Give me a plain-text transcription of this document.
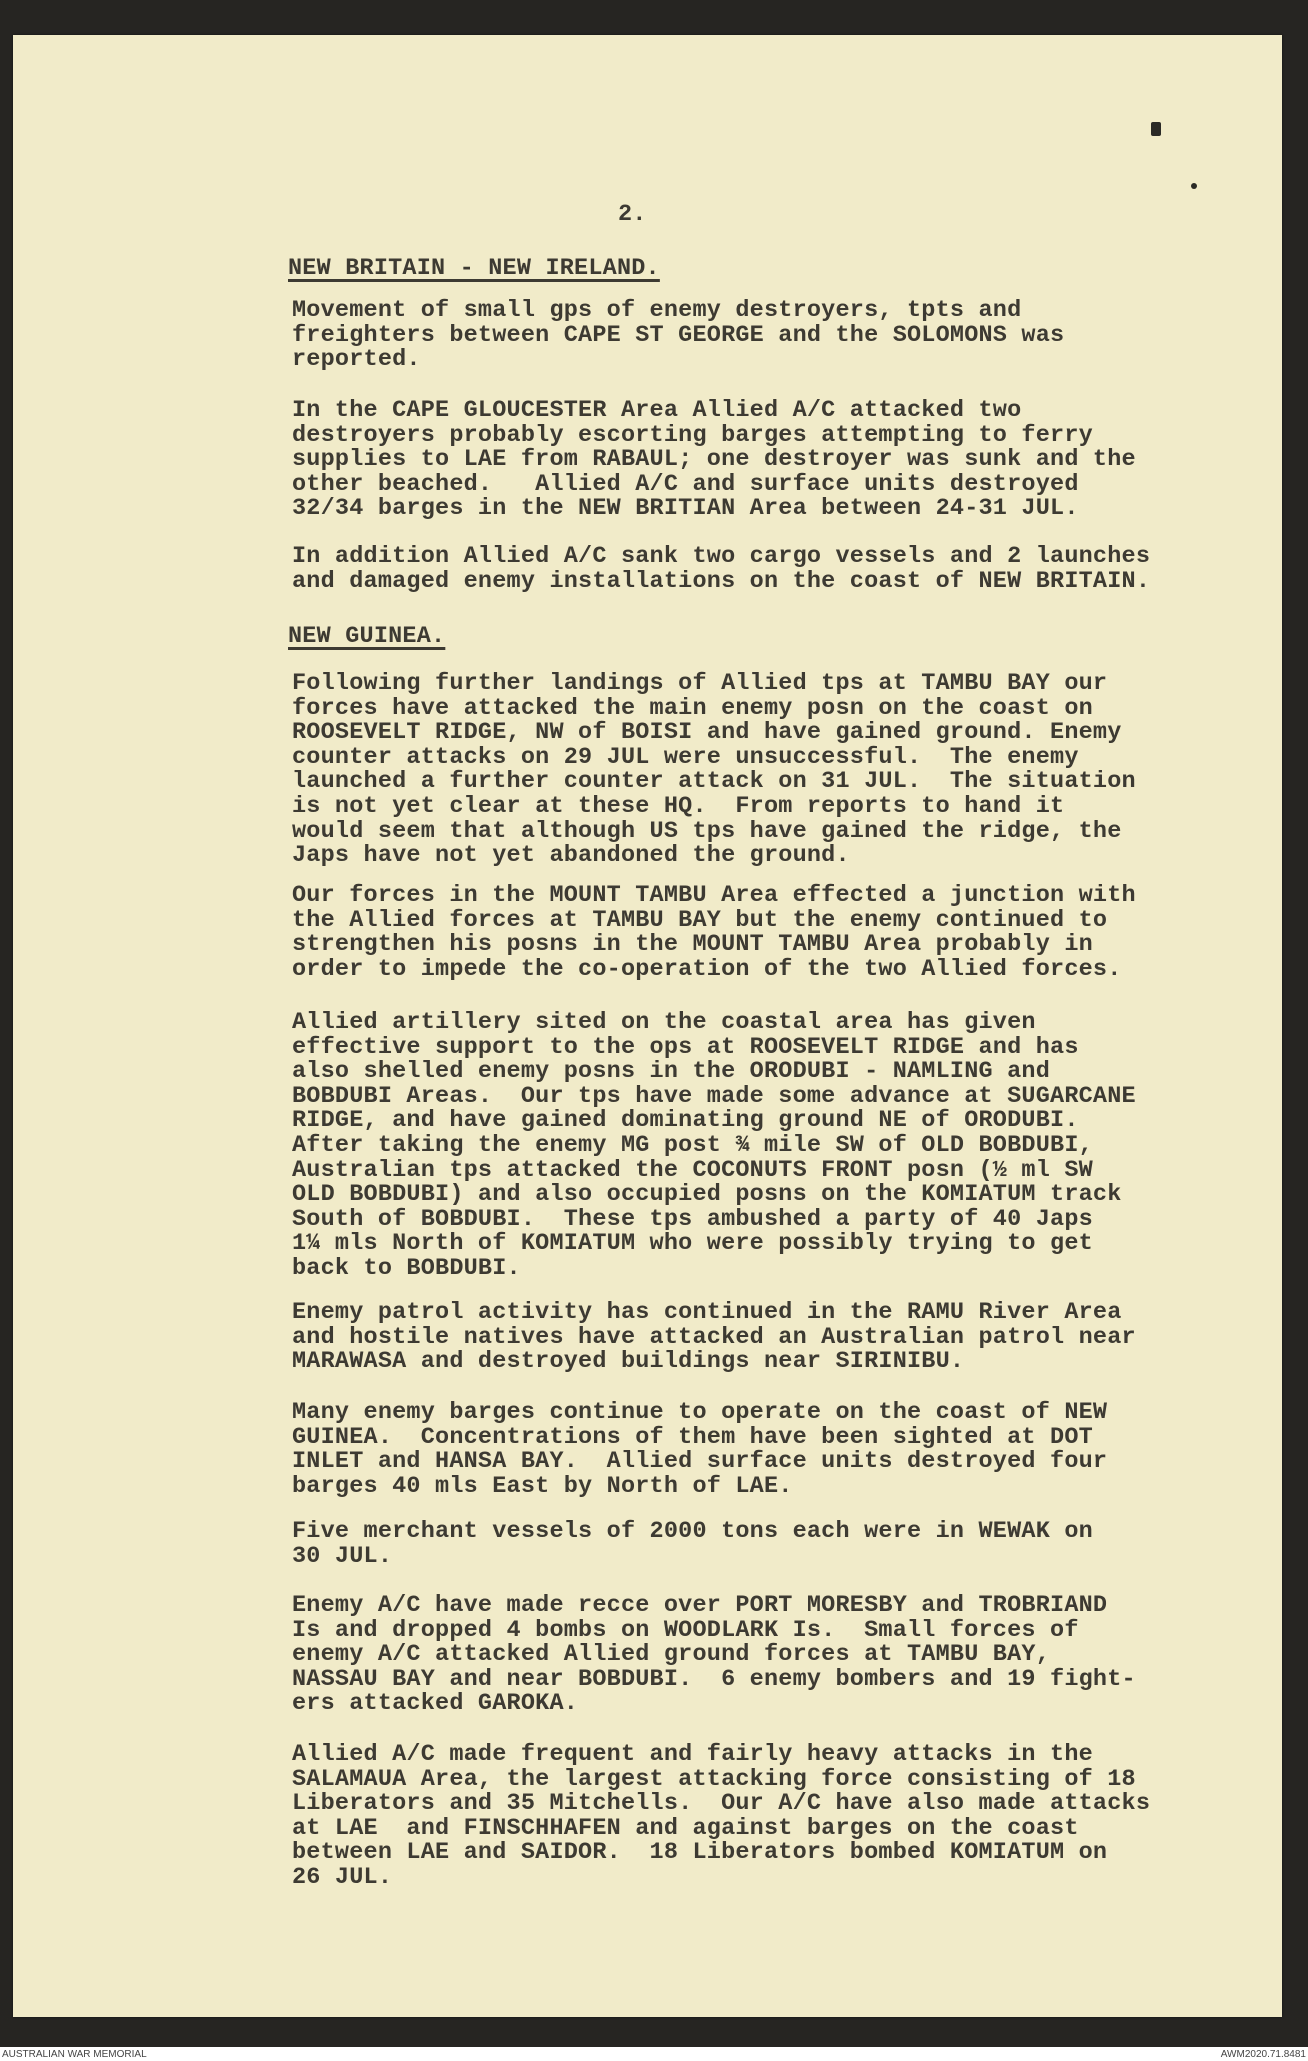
2.
NEW BRITAIN - NEW IRELAND.
Movement of small gps of enemy destroyers, tpts and
freighters between CAPE ST GEORGE and the SOLOMONS was
reported.
In the CAPE GLOUCESTER Area Allied A/C attacked two
destroyers probably escorting barges attempting to ferry
supplies to LAE from RABAUL; one destroyer was sunk and the
other beached.   Allied A/C and surface units destroyed
32/34 barges in the NEW BRITIAN Area between 24-31 JUL.
In addition Allied A/C sank two cargo vessels and 2 launches
and damaged enemy installations on the coast of NEW BRITAIN.
NEW GUINEA.
Following further landings of Allied tps at TAMBU BAY our
forces have attacked the main enemy posn on the coast on
ROOSEVELT RIDGE, NW of BOISI and have gained ground. Enemy
counter attacks on 29 JUL were unsuccessful.  The enemy
launched a further counter attack on 31 JUL.  The situation
is not yet clear at these HQ.  From reports to hand it
would seem that although US tps have gained the ridge, the
Japs have not yet abandoned the ground.
Our forces in the MOUNT TAMBU Area effected a junction with
the Allied forces at TAMBU BAY but the enemy continued to
strengthen his posns in the MOUNT TAMBU Area probably in
order to impede the co-operation of the two Allied forces.
Allied artillery sited on the coastal area has given
effective support to the ops at ROOSEVELT RIDGE and has
also shelled enemy posns in the ORODUBI - NAMLING and
BOBDUBI Areas.  Our tps have made some advance at SUGARCANE
RIDGE, and have gained dominating ground NE of ORODUBI.
After taking the enemy MG post ¾ mile SW of OLD BOBDUBI,
Australian tps attacked the COCONUTS FRONT posn (½ ml SW
OLD BOBDUBI) and also occupied posns on the KOMIATUM track
South of BOBDUBI.  These tps ambushed a party of 40 Japs
1¼ mls North of KOMIATUM who were possibly trying to get
back to BOBDUBI.
Enemy patrol activity has continued in the RAMU River Area
and hostile natives have attacked an Australian patrol near
MARAWASA and destroyed buildings near SIRINIBU.
Many enemy barges continue to operate on the coast of NEW
GUINEA.  Concentrations of them have been sighted at DOT
INLET and HANSA BAY.  Allied surface units destroyed four
barges 40 mls East by North of LAE.
Five merchant vessels of 2000 tons each were in WEWAK on
30 JUL.
Enemy A/C have made recce over PORT MORESBY and TROBRIAND
Is and dropped 4 bombs on WOODLARK Is.  Small forces of
enemy A/C attacked Allied ground forces at TAMBU BAY,
NASSAU BAY and near BOBDUBI.  6 enemy bombers and 19 fight-
ers attacked GAROKA.
Allied A/C made frequent and fairly heavy attacks in the
SALAMAUA Area, the largest attacking force consisting of 18
Liberators and 35 Mitchells.  Our A/C have also made attacks
at LAE  and FINSCHHAFEN and against barges on the coast
between LAE and SAIDOR.  18 Liberators bombed KOMIATUM on
26 JUL.
AUSTRALIAN WAR MEMORIAL	AWM2020.71.8481
